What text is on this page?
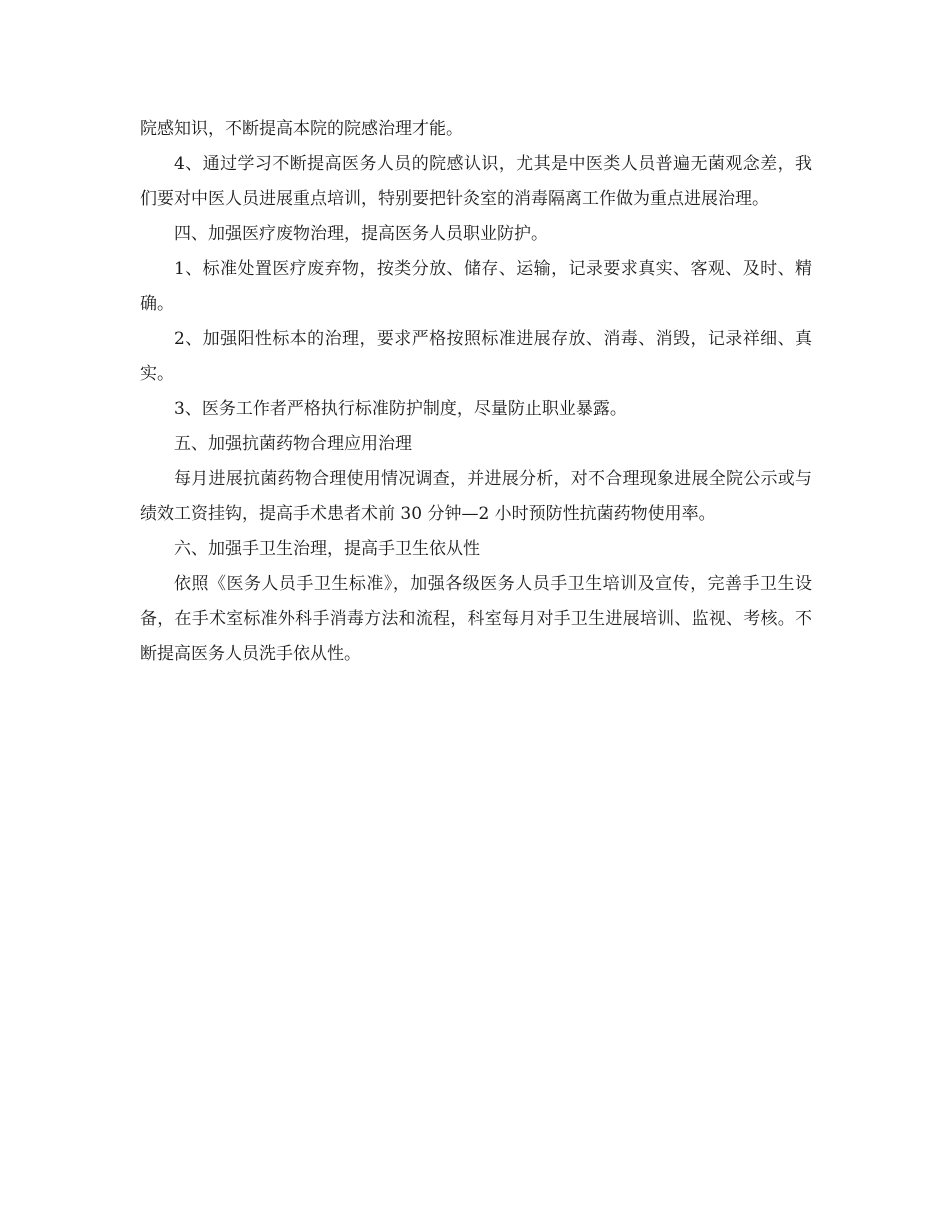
院感知识，不断提高本院的院感治理才能。

4、通过学习不断提高医务人员的院感认识，尤其是中医类人员普遍无菌观念差，我们要对中医人员进展重点培训，特别要把针灸室的消毒隔离工作做为重点进展治理。

四、加强医疗废物治理，提高医务人员职业防护。

1、标准处置医疗废弃物，按类分放、储存、运输，记录要求真实、客观、及时、精确。

2、加强阳性标本的治理，要求严格按照标准进展存放、消毒、消毁，记录祥细、真实。

3、医务工作者严格执行标准防护制度，尽量防止职业暴露。

五、加强抗菌药物合理应用治理

每月进展抗菌药物合理使用情况调查，并进展分析，对不合理现象进展全院公示或与绩效工资挂钩，提高手术患者术前 30 分钟—2 小时预防性抗菌药物使用率。

六、加强手卫生治理，提高手卫生依从性

依照《医务人员手卫生标准》，加强各级医务人员手卫生培训及宣传，完善手卫生设备，在手术室标准外科手消毒方法和流程，科室每月对手卫生进展培训、监视、考核。不断提高医务人员洗手依从性。
